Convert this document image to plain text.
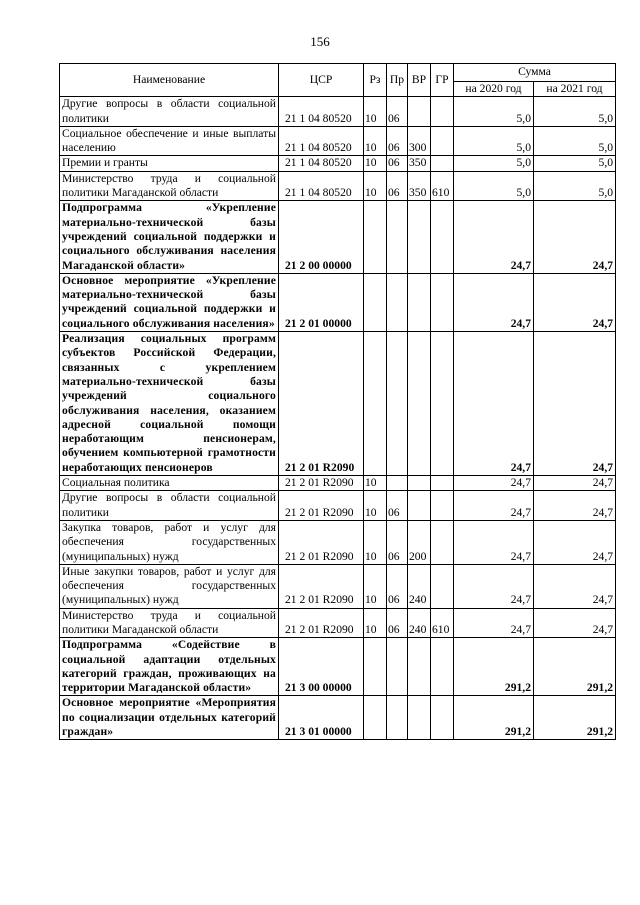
156
Наименование	ЦСР	Рз	Пр	ВР	ГР	Сумма	
						на 2020 год	на 2021 год
Другие вопросы в области социальной политики	21 1 04 80520	10	06			5,0	5,0
Социальное обеспечение и иные выплаты населению	21 1 04 80520	10	06	300		5,0	5,0
Премии и гранты	21 1 04 80520	10	06	350		5,0	5,0
Министерство труда и социальной политики Магаданской области	21 1 04 80520	10	06	350	610	5,0	5,0
Подпрограмма «Укрепление материально-технической базы учреждений социальной поддержки и социального обслуживания населения Магаданской области»	21 2 00 00000					24,7	24,7
Основное мероприятие «Укрепление материально-технической базы учреждений социальной поддержки и социального обслуживания населения»	21 2 01 00000					24,7	24,7
Реализация социальных программ субъектов Российской Федерации, связанных с укреплением материально-технической базы учреждений социального обслуживания населения, оказанием адресной социальной помощи неработающим пенсионерам, обучением компьютерной грамотности неработающих пенсионеров	21 2 01 R2090					24,7	24,7
Социальная политика	21 2 01 R2090	10				24,7	24,7
Другие вопросы в области социальной политики	21 2 01 R2090	10	06			24,7	24,7
Закупка товаров, работ и услуг для обеспечения государственных (муниципальных) нужд	21 2 01 R2090	10	06	200		24,7	24,7
Иные закупки товаров, работ и услуг для обеспечения государственных (муниципальных) нужд	21 2 01 R2090	10	06	240		24,7	24,7
Министерство труда и социальной политики Магаданской области	21 2 01 R2090	10	06	240	610	24,7	24,7
Подпрограмма «Содействие в социальной адаптации отдельных категорий граждан, проживающих на территории Магаданской области»	21 3 00 00000					291,2	291,2
Основное мероприятие «Мероприятия по социализации отдельных категорий граждан»	21 3 01 00000					291,2	291,2
